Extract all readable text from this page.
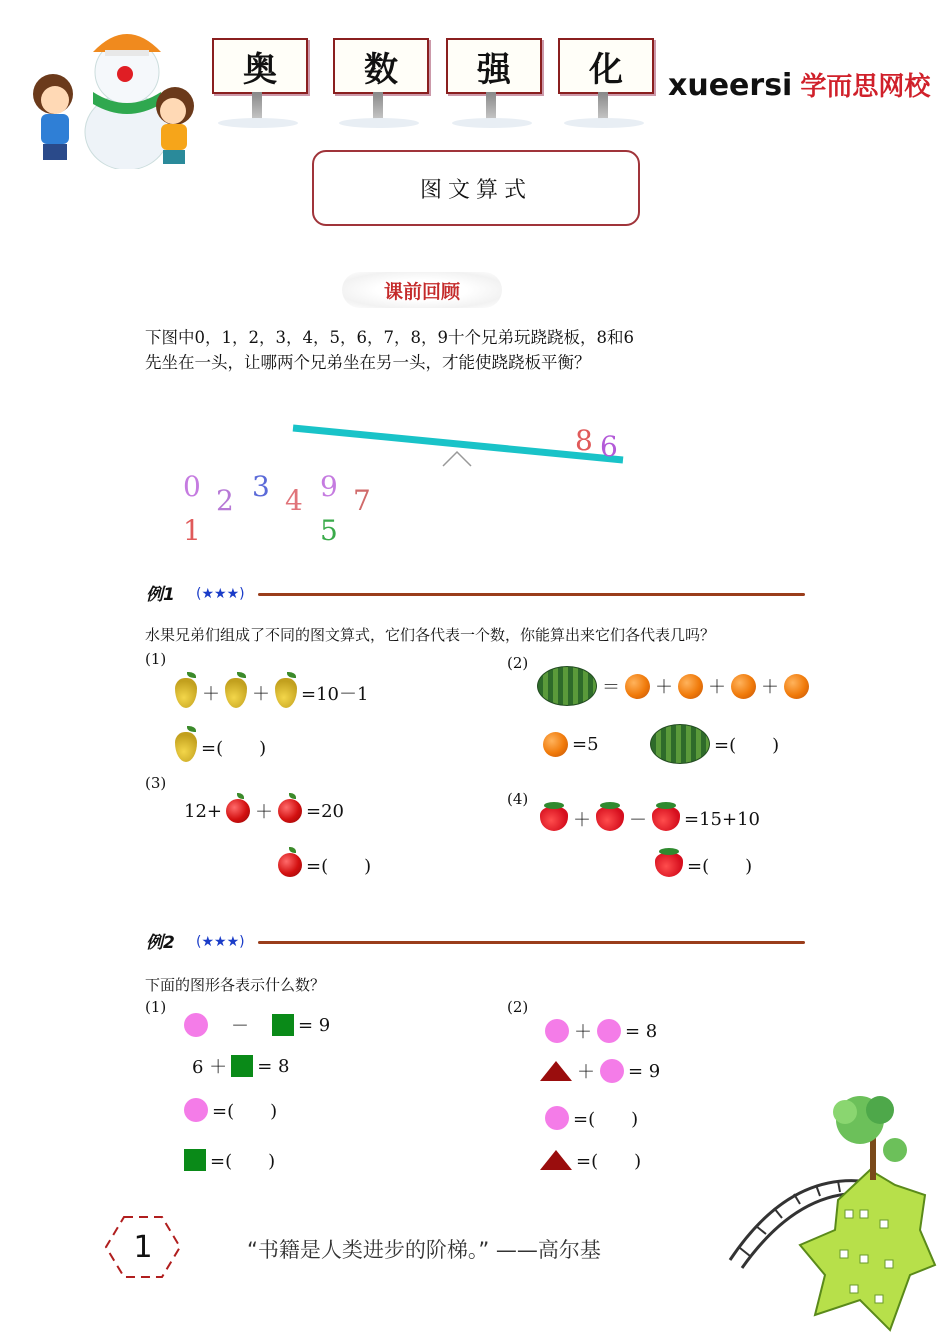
奥	数	强	化	xueersi 学而思网校
图文算式
课前回顾
下图中0，1，2，3，4，5，6，7，8，9十个兄弟玩跷跷板，8和6先坐在一头，让哪两个兄弟坐在另一头，才能使跷跷板平衡？
8 6
0 2 3 4 9 7
1	5
例1 (★★★)
水果兄弟们组成了不同的图文算式，它们各代表一个数，你能算出来它们各代表几吗？
(1)
＋ ＋ =10－1
=(　　)
(2)
＝ ＋ ＋ ＋
=5	=(　　)
(3)
12+ ＋ =20
=(　　)
(4)
＋ － =15+10
=(　　)
例2 (★★★)
下面的图形各表示什么数？
(1)
　－　 = 9
6 ＋ = 8
=(　　)
=(　　)
(2)
＋ = 8
＋ = 9
=(　　)
=(　　)
1	“书籍是人类进步的阶梯。” ——高尔基
